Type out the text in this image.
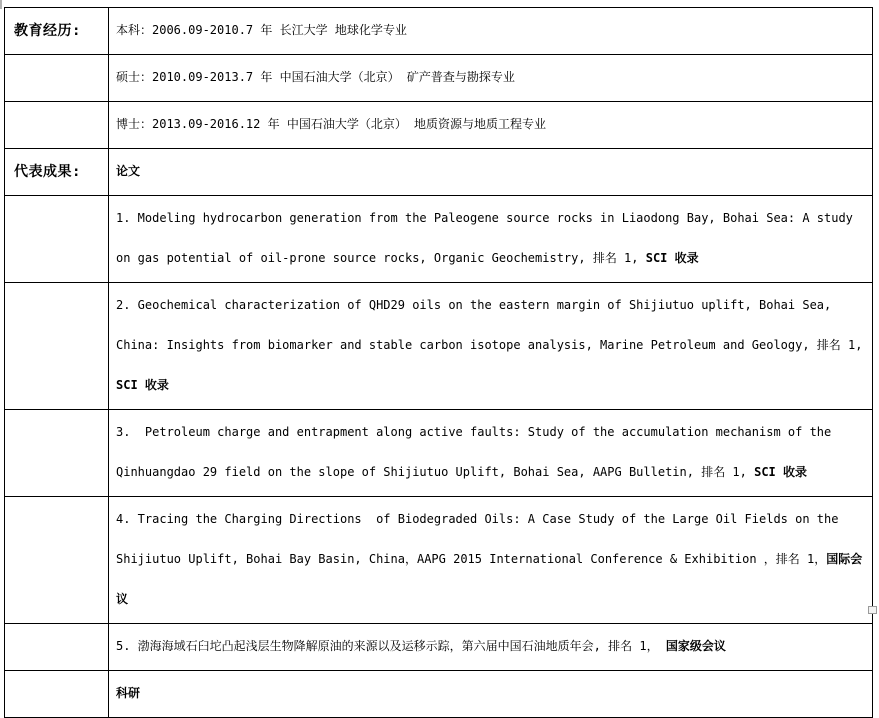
教育经历:	本科：2006.09-2010.7 年 长江大学 地球化学专业

	硕士：2010.09-2013.7 年 中国石油大学（北京） 矿产普查与勘探专业

	博士：2013.09-2016.12 年 中国石油大学（北京） 地质资源与地质工程专业

代表成果:	论文

	1. Modeling hydrocarbon generation from the Paleogene source rocks in Liaodong Bay, Bohai Sea: A study on gas potential of oil-prone source rocks, Organic Geochemistry, 排名 1, SCI 收录

	2. Geochemical characterization of QHD29 oils on the eastern margin of Shijiutuo uplift, Bohai Sea, China: Insights from biomarker and stable carbon isotope analysis, Marine Petroleum and Geology, 排名 1, SCI 收录

	3.  Petroleum charge and entrapment along active faults: Study of the accumulation mechanism of the Qinhuangdao 29 field on the slope of Shijiutuo Uplift, Bohai Sea, AAPG Bulletin, 排名 1, SCI 收录

	4. Tracing the Charging Directions  of Biodegraded Oils: A Case Study of the Large Oil Fields on the Shijiutuo Uplift, Bohai Bay Basin, China，AAPG 2015 International Conference & Exhibition ，排名 1，国际会议

	5. 渤海海域石臼坨凸起浅层生物降解原油的来源以及运移示踪，第六届中国石油地质年会, 排名 1， 国家级会议

	科研
